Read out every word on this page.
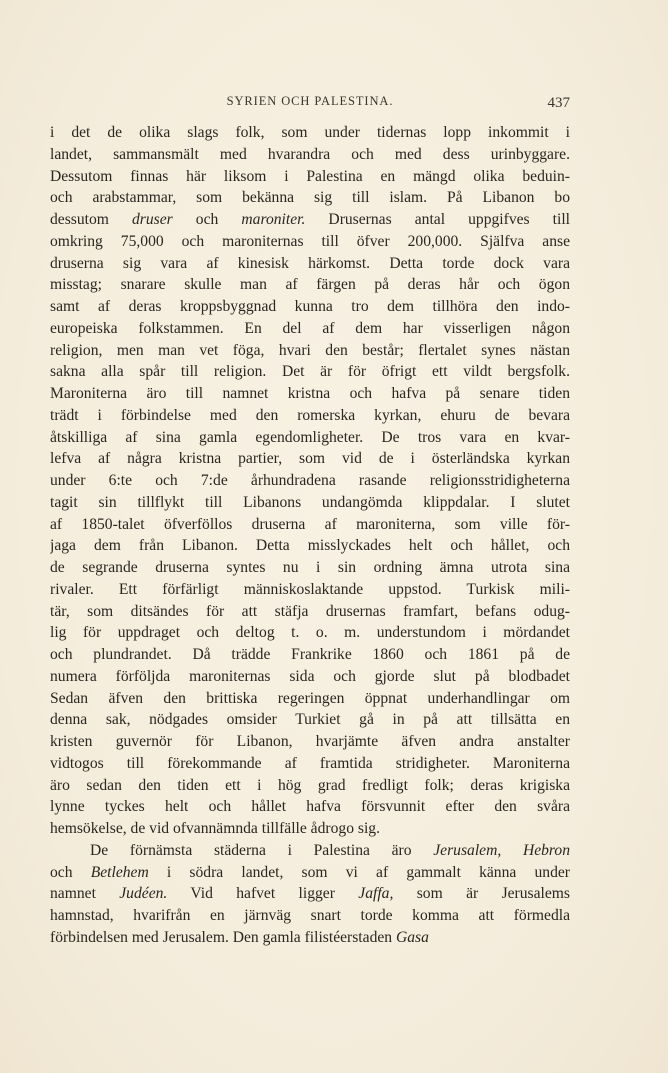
SYRIEN OCH PALESTINA.	437
i det de olika slags folk, som under tidernas lopp inkommit i
landet, sammansmält med hvarandra och med dess urinbyggare.
Dessutom finnas här liksom i Palestina en mängd olika beduin-
och arabstammar, som bekänna sig till islam. På Libanon bo
dessutom druser och maroniter. Drusernas antal uppgifves till
omkring 75,000 och maroniternas till öfver 200,000. Själfva anse
druserna sig vara af kinesisk härkomst. Detta torde dock vara
misstag; snarare skulle man af färgen på deras hår och ögon
samt af deras kroppsbyggnad kunna tro dem tillhöra den indo-
europeiska folkstammen. En del af dem har visserligen någon
religion, men man vet föga, hvari den består; flertalet synes nästan
sakna alla spår till religion. Det är för öfrigt ett vildt bergsfolk.
Maroniterna äro till namnet kristna och hafva på senare tiden
trädt i förbindelse med den romerska kyrkan, ehuru de bevara
åtskilliga af sina gamla egendomligheter. De tros vara en kvar-
lefva af några kristna partier, som vid de i österländska kyrkan
under 6:te och 7:de århundradena rasande religionsstridigheterna
tagit sin tillflykt till Libanons undangömda klippdalar. I slutet
af 1850-talet öfverföllos druserna af maroniterna, som ville för-
jaga dem från Libanon. Detta misslyckades helt och hållet, och
de segrande druserna syntes nu i sin ordning ämna utrota sina
rivaler. Ett förfärligt människoslaktande uppstod. Turkisk mili-
tär, som ditsändes för att stäfja drusernas framfart, befans odug-
lig för uppdraget och deltog t. o. m. understundom i mördandet
och plundrandet. Då trädde Frankrike 1860 och 1861 på de
numera förföljda maroniternas sida och gjorde slut på blodbadet
Sedan äfven den brittiska regeringen öppnat underhandlingar om
denna sak, nödgades omsider Turkiet gå in på att tillsätta en
kristen guvernör för Libanon, hvarjämte äfven andra anstalter
vidtogos till förekommande af framtida stridigheter. Maroniterna
äro sedan den tiden ett i hög grad fredligt folk; deras krigiska
lynne tyckes helt och hållet hafva försvunnit efter den svåra
hemsökelse, de vid ofvannämnda tillfälle ådrogo sig.
De förnämsta städerna i Palestina äro Jerusalem, Hebron
och Betlehem i södra landet, som vi af gammalt känna under
namnet Judéen. Vid hafvet ligger Jaffa, som är Jerusalems
hamnstad, hvarifrån en järnväg snart torde komma att förmedla
förbindelsen med Jerusalem. Den gamla filistéerstaden Gasa
